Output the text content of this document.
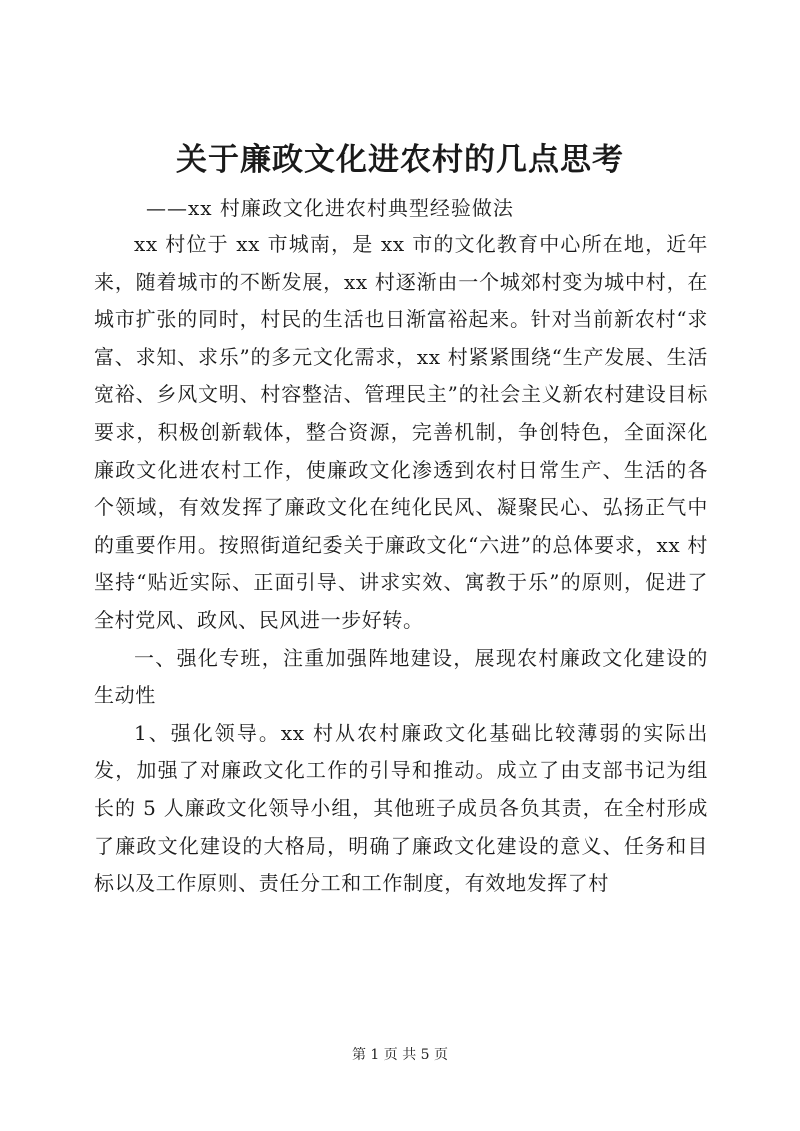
关于廉政文化进农村的几点思考

——xx 村廉政文化进农村典型经验做法

xx 村位于 xx 市城南，是 xx 市的文化教育中心所在地，近年来，随着城市的不断发展，xx 村逐渐由一个城郊村变为城中村，在城市扩张的同时，村民的生活也日渐富裕起来。针对当前新农村“求富、求知、求乐”的多元文化需求，xx 村紧紧围绕“生产发展、生活宽裕、乡风文明、村容整洁、管理民主”的社会主义新农村建设目标要求，积极创新载体，整合资源，完善机制，争创特色，全面深化廉政文化进农村工作，使廉政文化渗透到农村日常生产、生活的各个领域，有效发挥了廉政文化在纯化民风、凝聚民心、弘扬正气中的重要作用。按照街道纪委关于廉政文化“六进”的总体要求，xx 村坚持“贴近实际、正面引导、讲求实效、寓教于乐”的原则，促进了全村党风、政风、民风进一步好转。

一、强化专班，注重加强阵地建设，展现农村廉政文化建设的生动性

1、强化领导。xx 村从农村廉政文化基础比较薄弱的实际出发，加强了对廉政文化工作的引导和推动。成立了由支部书记为组长的 5 人廉政文化领导小组，其他班子成员各负其责，在全村形成了廉政文化建设的大格局，明确了廉政文化建设的意义、任务和目标以及工作原则、责任分工和工作制度，有效地发挥了村

第 1 页 共 5 页
